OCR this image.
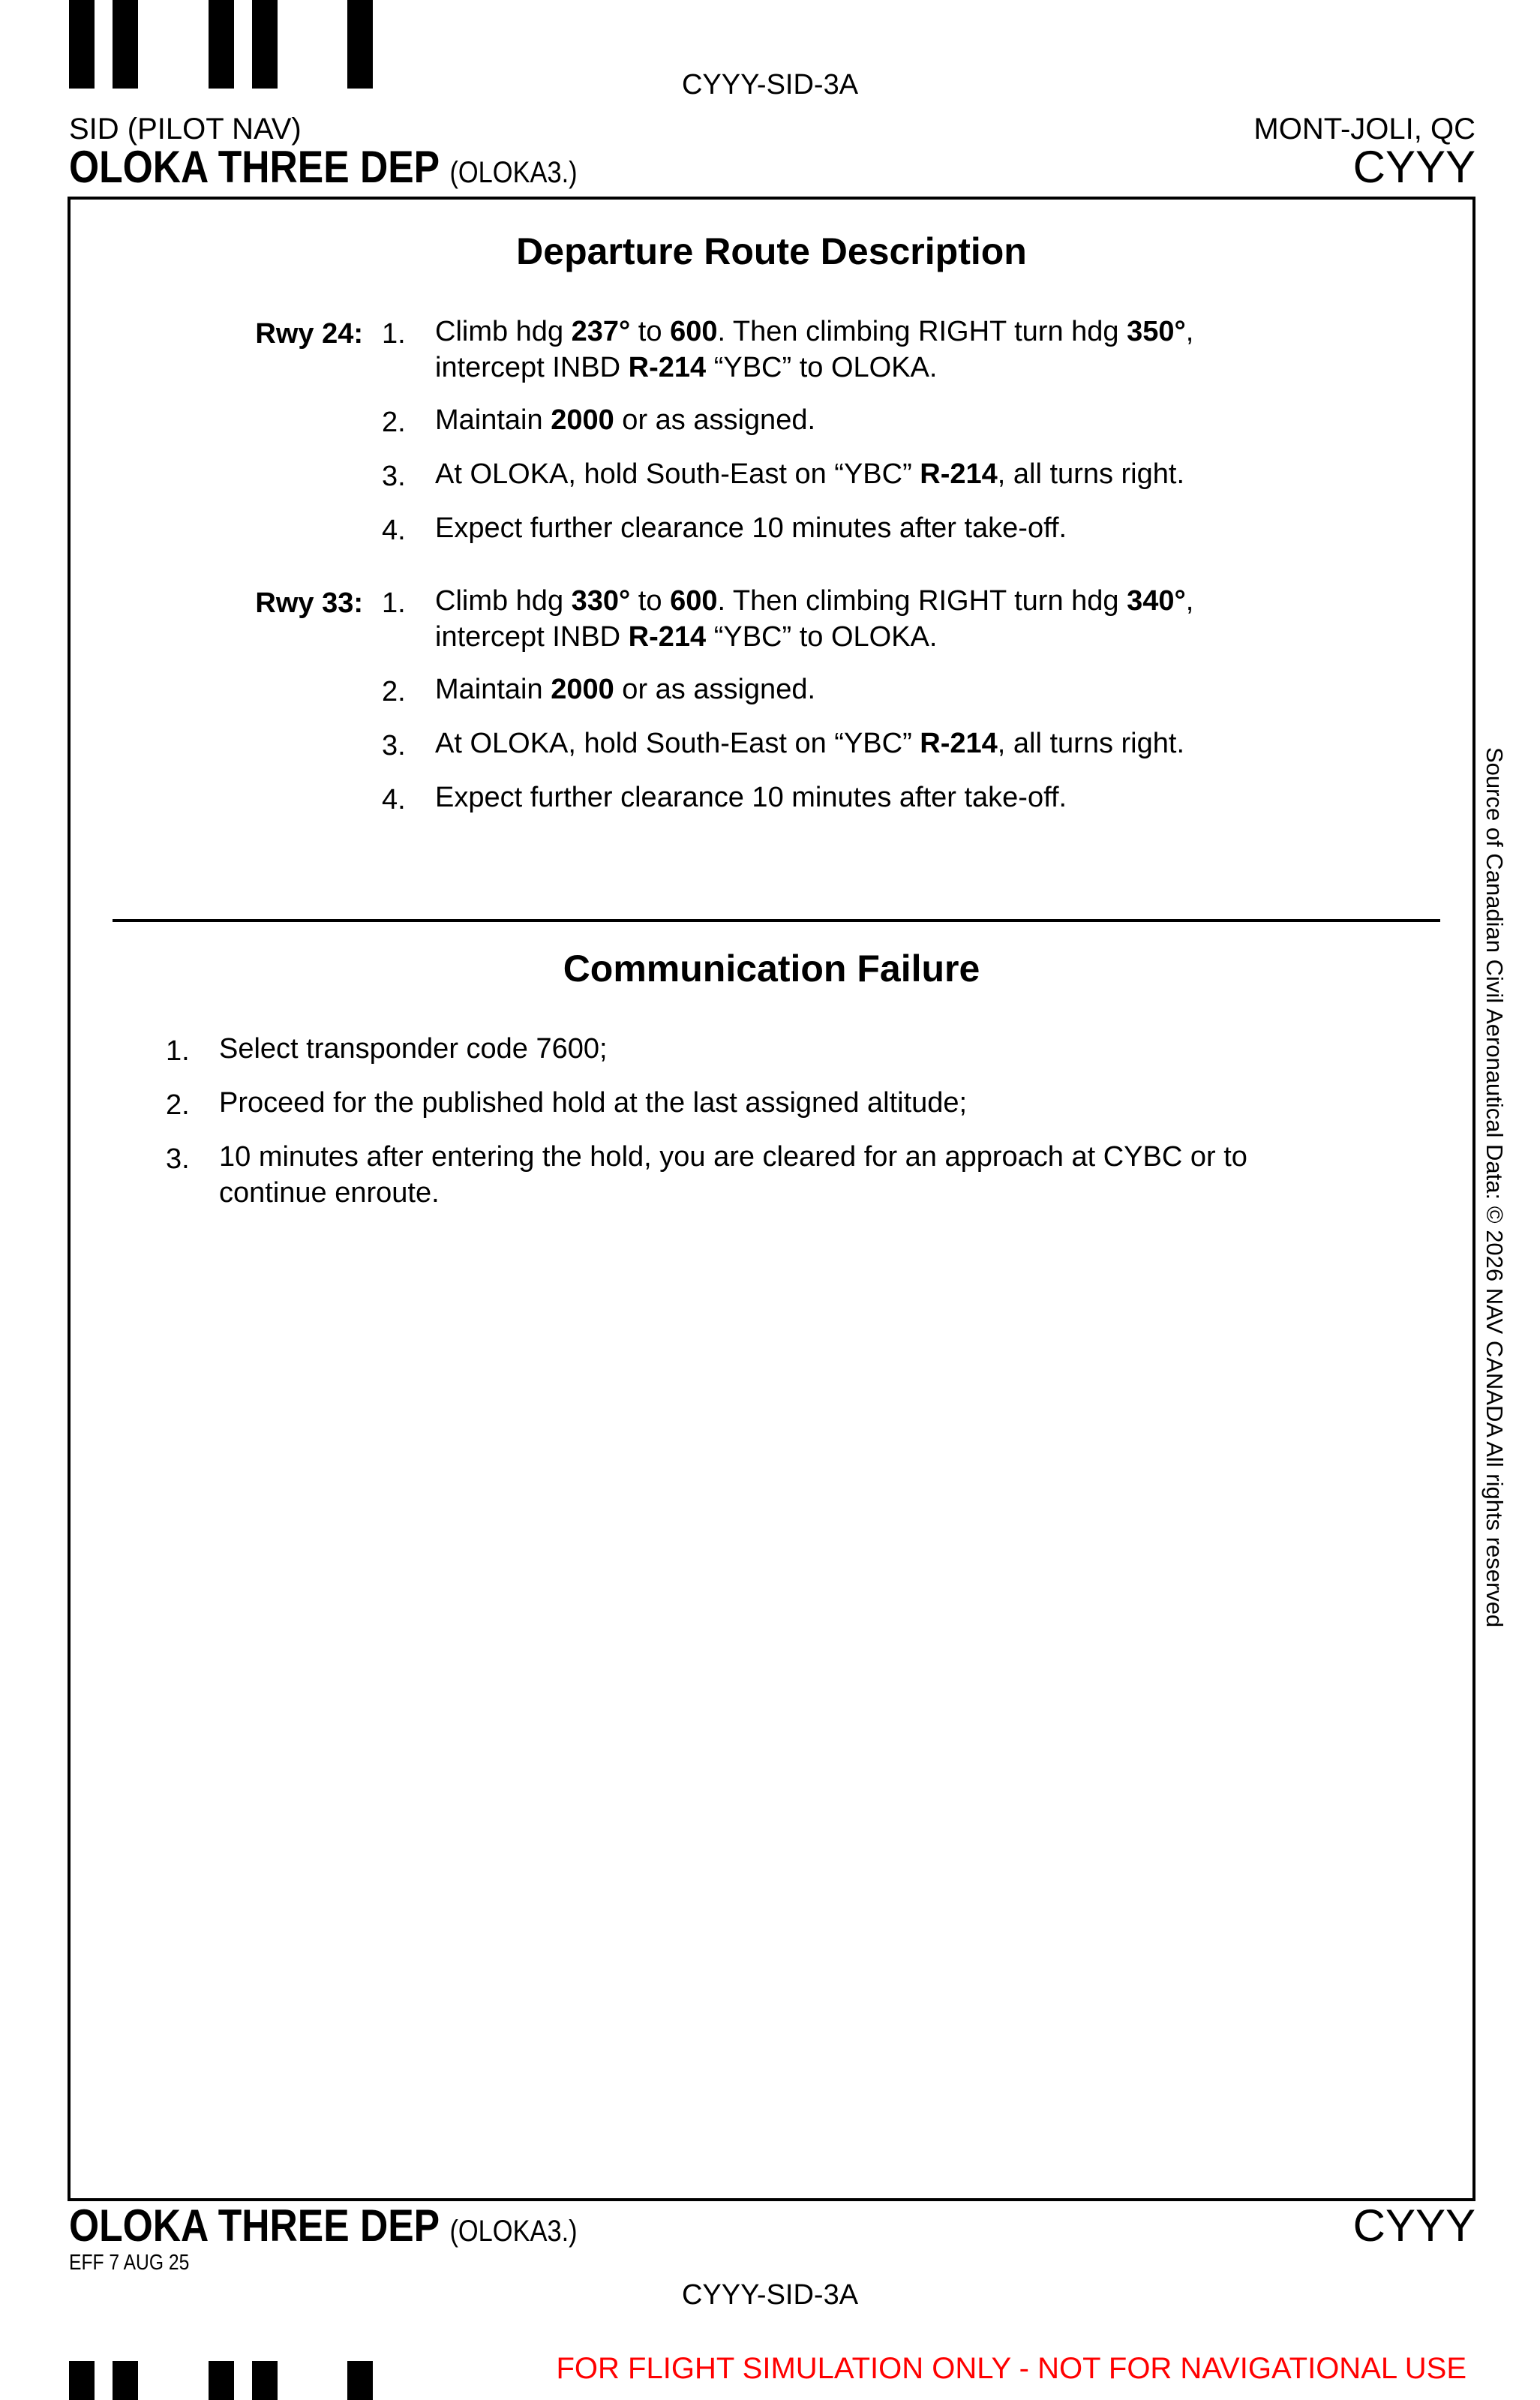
CYYY-SID-3A
SID (PILOT NAV)	MONT-JOLI, QC
OLOKA THREE DEP (OLOKA3.)	CYYY
Departure Route Description
Rwy 24: 1. Climb hdg 237° to 600. Then climbing RIGHT turn hdg 350°,
intercept INBD R-214 “YBC” to OLOKA.
2. Maintain 2000 or as assigned.
3. At OLOKA, hold South-East on “YBC” R-214, all turns right.
4. Expect further clearance 10 minutes after take-off.
Rwy 33: 1. Climb hdg 330° to 600. Then climbing RIGHT turn hdg 340°,
intercept INBD R-214 “YBC” to OLOKA.
2. Maintain 2000 or as assigned.
3. At OLOKA, hold South-East on “YBC” R-214, all turns right.
4. Expect further clearance 10 minutes after take-off.
Communication Failure
1. Select transponder code 7600;
2. Proceed for the published hold at the last assigned altitude;
3. 10 minutes after entering the hold, you are cleared for an approach at CYBC or to
continue enroute.	Source of Canadian Civil Aeronautical Data: © 2026 NAV CANADA All rights reserved
OLOKA THREE DEP (OLOKA3.)	CYYY
EFF 7 AUG 25
CYYY-SID-3A
FOR FLIGHT SIMULATION ONLY - NOT FOR NAVIGATIONAL USE
